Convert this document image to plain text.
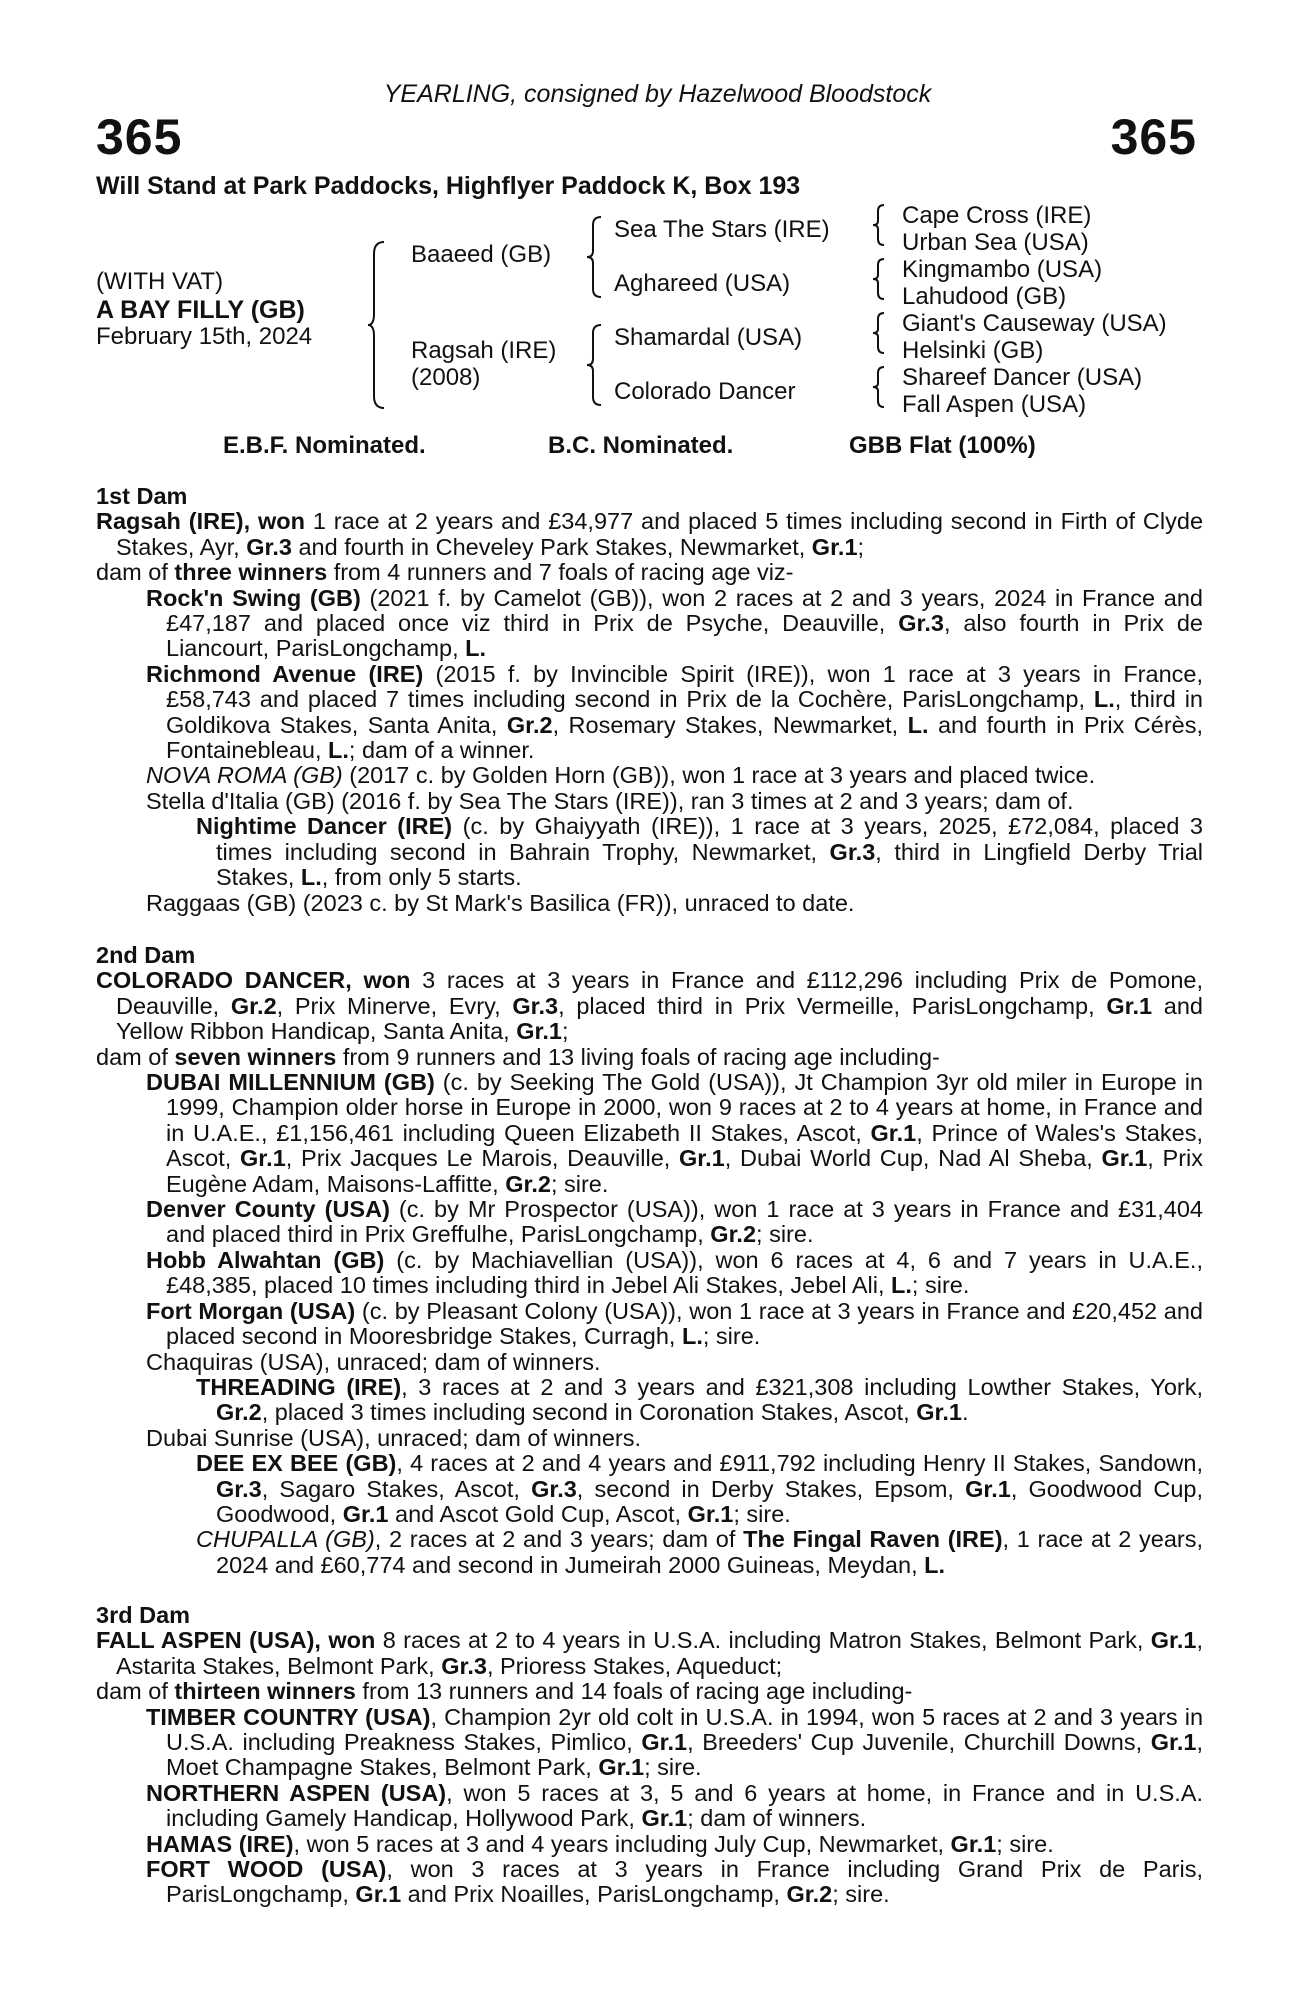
YEARLING, consigned by Hazelwood Bloodstock
365	365
Will Stand at Park Paddocks, Highflyer Paddock K, Box 193
(WITH VAT)
A BAY FILLY (GB)
February 15th, 2024
Baaeed (GB)
Ragsah (IRE)
(2008)
Sea The Stars (IRE)
Aghareed (USA)
Shamardal (USA)
Colorado Dancer
Cape Cross (IRE)
Urban Sea (USA)
Kingmambo (USA)
Lahudood (GB)
Giant's Causeway (USA)
Helsinki (GB)
Shareef Dancer (USA)
Fall Aspen (USA)
E.B.F. Nominated.	B.C. Nominated.	GBB Flat (100%)
1st Dam
Ragsah (IRE), won 1 race at 2 years and £34,977 and placed 5 times including second in Firth of Clyde Stakes, Ayr, Gr.3 and fourth in Cheveley Park Stakes, Newmarket, Gr.1;
dam of three winners from 4 runners and 7 foals of racing age viz-
Rock'n Swing (GB) (2021 f. by Camelot (GB)), won 2 races at 2 and 3 years, 2024 in France and £47,187 and placed once viz third in Prix de Psyche, Deauville, Gr.3, also fourth in Prix de Liancourt, ParisLongchamp, L.
Richmond Avenue (IRE) (2015 f. by Invincible Spirit (IRE)), won 1 race at 3 years in France, £58,743 and placed 7 times including second in Prix de la Cochère, ParisLongchamp, L., third in Goldikova Stakes, Santa Anita, Gr.2, Rosemary Stakes, Newmarket, L. and fourth in Prix Cérès, Fontainebleau, L.; dam of a winner.
NOVA ROMA (GB) (2017 c. by Golden Horn (GB)), won 1 race at 3 years and placed twice.
Stella d'Italia (GB) (2016 f. by Sea The Stars (IRE)), ran 3 times at 2 and 3 years; dam of.
Nightime Dancer (IRE) (c. by Ghaiyyath (IRE)), 1 race at 3 years, 2025, £72,084, placed 3 times including second in Bahrain Trophy, Newmarket, Gr.3, third in Lingfield Derby Trial Stakes, L., from only 5 starts.
Raggaas (GB) (2023 c. by St Mark's Basilica (FR)), unraced to date.
2nd Dam
COLORADO DANCER, won 3 races at 3 years in France and £112,296 including Prix de Pomone, Deauville, Gr.2, Prix Minerve, Evry, Gr.3, placed third in Prix Vermeille, ParisLongchamp, Gr.1 and Yellow Ribbon Handicap, Santa Anita, Gr.1;
dam of seven winners from 9 runners and 13 living foals of racing age including-
DUBAI MILLENNIUM (GB) (c. by Seeking The Gold (USA)), Jt Champion 3yr old miler in Europe in 1999, Champion older horse in Europe in 2000, won 9 races at 2 to 4 years at home, in France and in U.A.E., £1,156,461 including Queen Elizabeth II Stakes, Ascot, Gr.1, Prince of Wales's Stakes, Ascot, Gr.1, Prix Jacques Le Marois, Deauville, Gr.1, Dubai World Cup, Nad Al Sheba, Gr.1, Prix Eugène Adam, Maisons-Laffitte, Gr.2; sire.
Denver County (USA) (c. by Mr Prospector (USA)), won 1 race at 3 years in France and £31,404 and placed third in Prix Greffulhe, ParisLongchamp, Gr.2; sire.
Hobb Alwahtan (GB) (c. by Machiavellian (USA)), won 6 races at 4, 6 and 7 years in U.A.E., £48,385, placed 10 times including third in Jebel Ali Stakes, Jebel Ali, L.; sire.
Fort Morgan (USA) (c. by Pleasant Colony (USA)), won 1 race at 3 years in France and £20,452 and placed second in Mooresbridge Stakes, Curragh, L.; sire.
Chaquiras (USA), unraced; dam of winners.
THREADING (IRE), 3 races at 2 and 3 years and £321,308 including Lowther Stakes, York, Gr.2, placed 3 times including second in Coronation Stakes, Ascot, Gr.1.
Dubai Sunrise (USA), unraced; dam of winners.
DEE EX BEE (GB), 4 races at 2 and 4 years and £911,792 including Henry II Stakes, Sandown, Gr.3, Sagaro Stakes, Ascot, Gr.3, second in Derby Stakes, Epsom, Gr.1, Goodwood Cup, Goodwood, Gr.1 and Ascot Gold Cup, Ascot, Gr.1; sire.
CHUPALLA (GB), 2 races at 2 and 3 years; dam of The Fingal Raven (IRE), 1 race at 2 years, 2024 and £60,774 and second in Jumeirah 2000 Guineas, Meydan, L.
3rd Dam
FALL ASPEN (USA), won 8 races at 2 to 4 years in U.S.A. including Matron Stakes, Belmont Park, Gr.1, Astarita Stakes, Belmont Park, Gr.3, Prioress Stakes, Aqueduct;
dam of thirteen winners from 13 runners and 14 foals of racing age including-
TIMBER COUNTRY (USA), Champion 2yr old colt in U.S.A. in 1994, won 5 races at 2 and 3 years in U.S.A. including Preakness Stakes, Pimlico, Gr.1, Breeders' Cup Juvenile, Churchill Downs, Gr.1, Moet Champagne Stakes, Belmont Park, Gr.1; sire.
NORTHERN ASPEN (USA), won 5 races at 3, 5 and 6 years at home, in France and in U.S.A. including Gamely Handicap, Hollywood Park, Gr.1; dam of winners.
HAMAS (IRE), won 5 races at 3 and 4 years including July Cup, Newmarket, Gr.1; sire.
FORT WOOD (USA), won 3 races at 3 years in France including Grand Prix de Paris, ParisLongchamp, Gr.1 and Prix Noailles, ParisLongchamp, Gr.2; sire.
